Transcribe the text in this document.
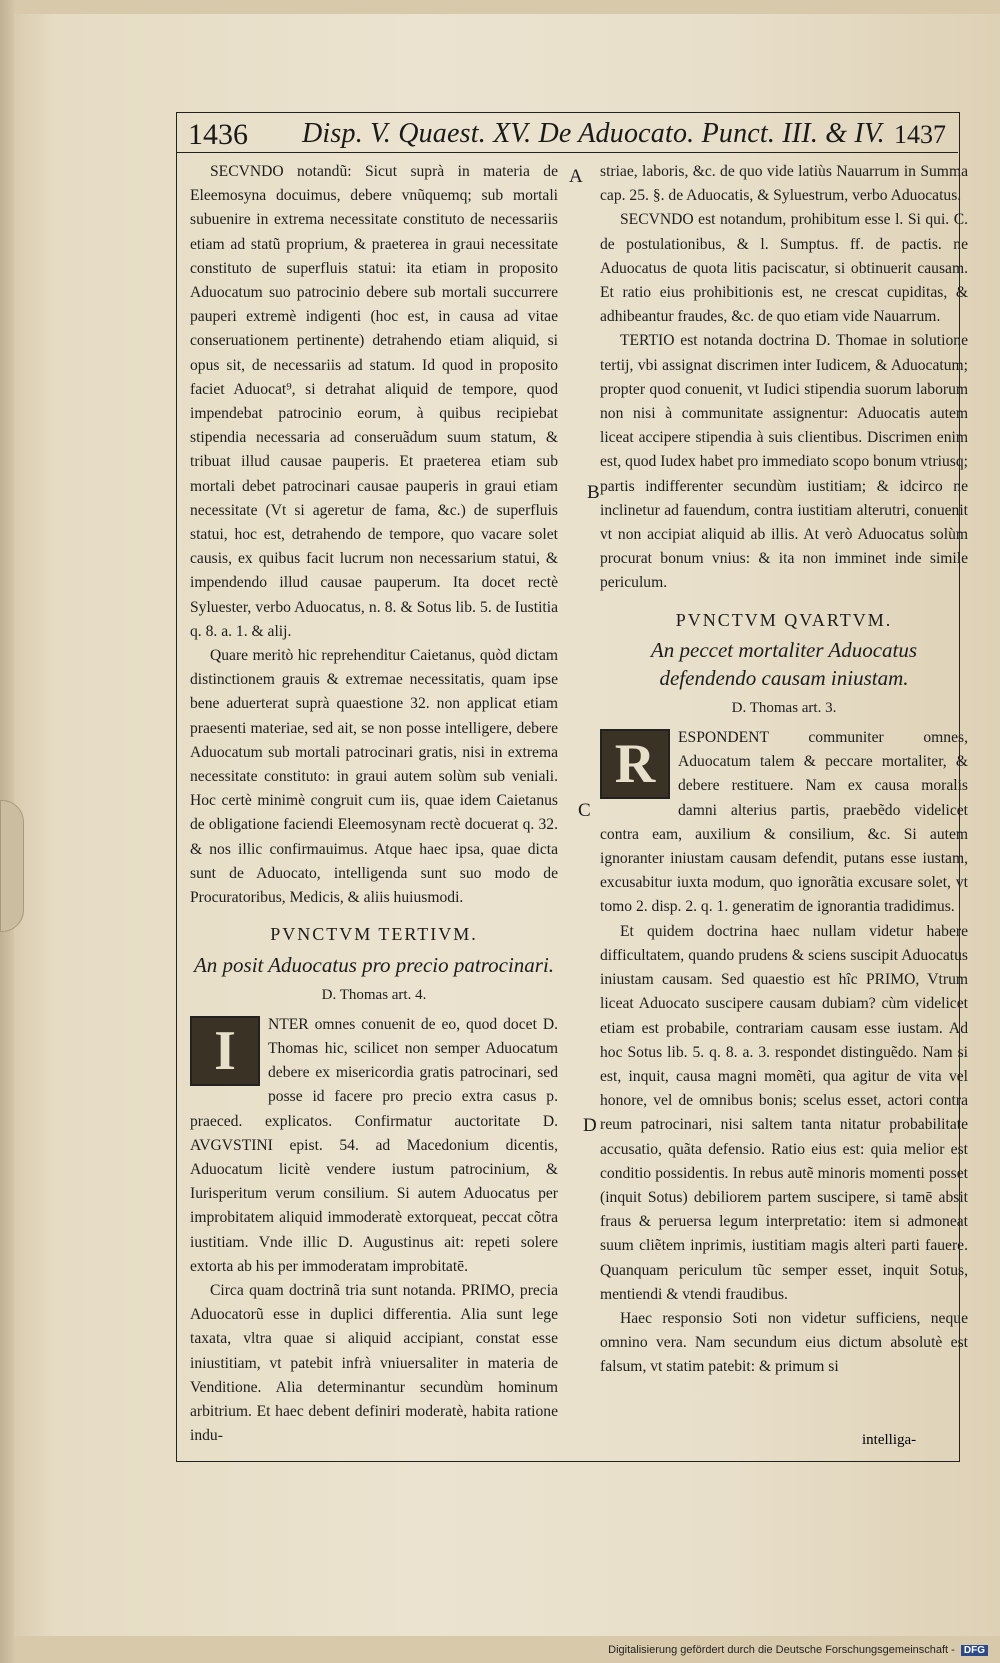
1436 Disp. V. Quaest. XV. De Aduocato. Punct. III. & IV. 1437

SECVNDO notandũ: Sicut suprà in materia de Eleemosyna docuimus, debere vnũquemq; sub mortali subuenire in extrema necessitate constituto de necessariis etiam ad statũ proprium, & praeterea in graui necessitate constituto de superfluis statui: ita etiam in proposito Aduocatum suo patrocinio debere sub mortali succurrere pauperi extremè indigenti (hoc est, in causa ad vitae conseruationem pertinente) detrahendo etiam aliquid, si opus sit, de necessariis ad statum. Id quod in proposito faciet Aduocat⁹, si detrahat aliquid de tempore, quod impendebat patrocinio eorum, à quibus recipiebat stipendia necessaria ad conseruãdum suum statum, & tribuat illud causae pauperis. Et praeterea etiam sub mortali debet patrocinari causae pauperis in graui etiam necessitate (Vt si ageretur de fama, &c.) de superfluis statui, hoc est, detrahendo de tempore, quo vacare solet causis, ex quibus facit lucrum non necessarium statui, & impendendo illud causae pauperum. Ita docet rectè Syluester, verbo Aduocatus, n. 8. & Sotus lib. 5. de Iustitia q. 8. a. 1. & alij.

Quare meritò hic reprehenditur Caietanus, quòd dictam distinctionem grauis & extremae necessitatis, quam ipse bene aduerterat suprà quaestione 32. non applicat etiam praesenti materiae, sed ait, se non posse intelligere, debere Aduocatum sub mortali patrocinari gratis, nisi in extrema necessitate constituto: in graui autem solùm sub veniali. Hoc certè minimè congruit cum iis, quae idem Caietanus de obligatione faciendi Eleemosynam rectè docuerat q. 32. & nos illic confirmauimus. Atque haec ipsa, quae dicta sunt de Aduocato, intelligenda sunt suo modo de Procuratoribus, Medicis, & aliis huiusmodi.

PVNCTVM TERTIVM.
An posit Aduocatus pro precio patrocinari.
D. Thomas art. 4.
I	NTER omnes conuenit de eo, quod docet D. Thomas hic, scilicet non semper Aduocatum debere ex misericordia gratis patrocinari, sed posse id facere pro precio extra casus p. praeced. explicatos. Confirmatur auctoritate D. AVGVSTINI epist. 54. ad Macedonium dicentis, Aduocatum licitè vendere iustum patrocinium, & Iurisperitum verum consilium. Si autem Aduocatus per improbitatem aliquid immoderatè extorqueat, peccat cõtra iustitiam. Vnde illic D. Augustinus ait: repeti solere extorta ab his per immoderatam improbitatē.

Circa quam doctrinã tria sunt notanda. PRIMO, precia Aduocatorũ esse in duplici differentia. Alia sunt lege taxata, vltra quae si aliquid accipiant, constat esse iniustitiam, vt patebit infrà vniuersaliter in materia de Venditione. Alia determinantur secundùm hominum arbitrium. Et haec debent definiri moderatè, habita ratione indu-

striae, laboris, &c. de quo vide latiùs Nauarrum in Summa cap. 25. §. de Aduocatis, & Syluestrum, verbo Aduocatus.

SECVNDO est notandum, prohibitum esse l. Si qui. C. de postulationibus, & l. Sumptus. ff. de pactis. ne Aduocatus de quota litis paciscatur, si obtinuerit causam. Et ratio eius prohibitionis est, ne crescat cupiditas, & adhibeantur fraudes, &c. de quo etiam vide Nauarrum.

TERTIO est notanda doctrina D. Thomae in solutione tertij, vbi assignat discrimen inter Iudicem, & Aduocatum; propter quod conuenit, vt Iudici stipendia suorum laborum non nisi à communitate assignentur: Aduocatis autem liceat accipere stipendia à suis clientibus. Discrimen enim est, quod Iudex habet pro immediato scopo bonum vtriusq; partis indifferenter secundùm iustitiam; & idcirco ne inclinetur ad fauendum, contra iustitiam alterutri, conuenit vt non accipiat aliquid ab illis. At verò Aduocatus solùm procurat bonum vnius: & ita non imminet inde simile periculum.

PVNCTVM QVARTVM.
An peccet mortaliter Aduocatus defendendo causam iniustam.
D. Thomas art. 3.
R	ESPONDENT communiter omnes, Aduocatum talem & peccare mortaliter, & debere restituere. Nam ex causa moralis damni alterius partis, praebẽdo videlicet contra eam, auxilium & consilium, &c. Si autem ignoranter iniustam causam defendit, putans esse iustam, excusabitur iuxta modum, quo ignorãtia excusare solet, vt tomo 2. disp. 2. q. 1. generatim de ignorantia tradidimus.

Et quidem doctrina haec nullam videtur habere difficultatem, quando prudens & sciens suscipit Aduocatus iniustam causam. Sed quaestio est hîc PRIMO, Vtrum liceat Aduocato suscipere causam dubiam? cùm videlicet etiam est probabile, contrariam causam esse iustam. Ad hoc Sotus lib. 5. q. 8. a. 3. respondet distinguẽdo. Nam si est, inquit, causa magni momẽti, qua agitur de vita vel honore, vel de omnibus bonis; scelus esset, actori contra reum patrocinari, nisi saltem tanta nitatur probabilitate accusatio, quãta defensio. Ratio eius est: quia melior est conditio possidentis. In rebus autẽ minoris momenti posset (inquit Sotus) debiliorem partem suscipere, si tamē absit fraus & peruersa legum interpretatio: item si admoneat suum cliẽtem inprimis, iustitiam magis alteri parti fauere. Quanquam periculum tũc semper esset, inquit Sotus, mentiendi & vtendi fraudibus.

Haec responsio Soti non videtur sufficiens, neque omnino vera. Nam secundum eius dictum absolutè est falsum, vt statim patebit: & primum si

A
B
C
D
intelliga-
Digitalisierung gefördert durch die Deutsche Forschungsgemeinschaft - DFG
